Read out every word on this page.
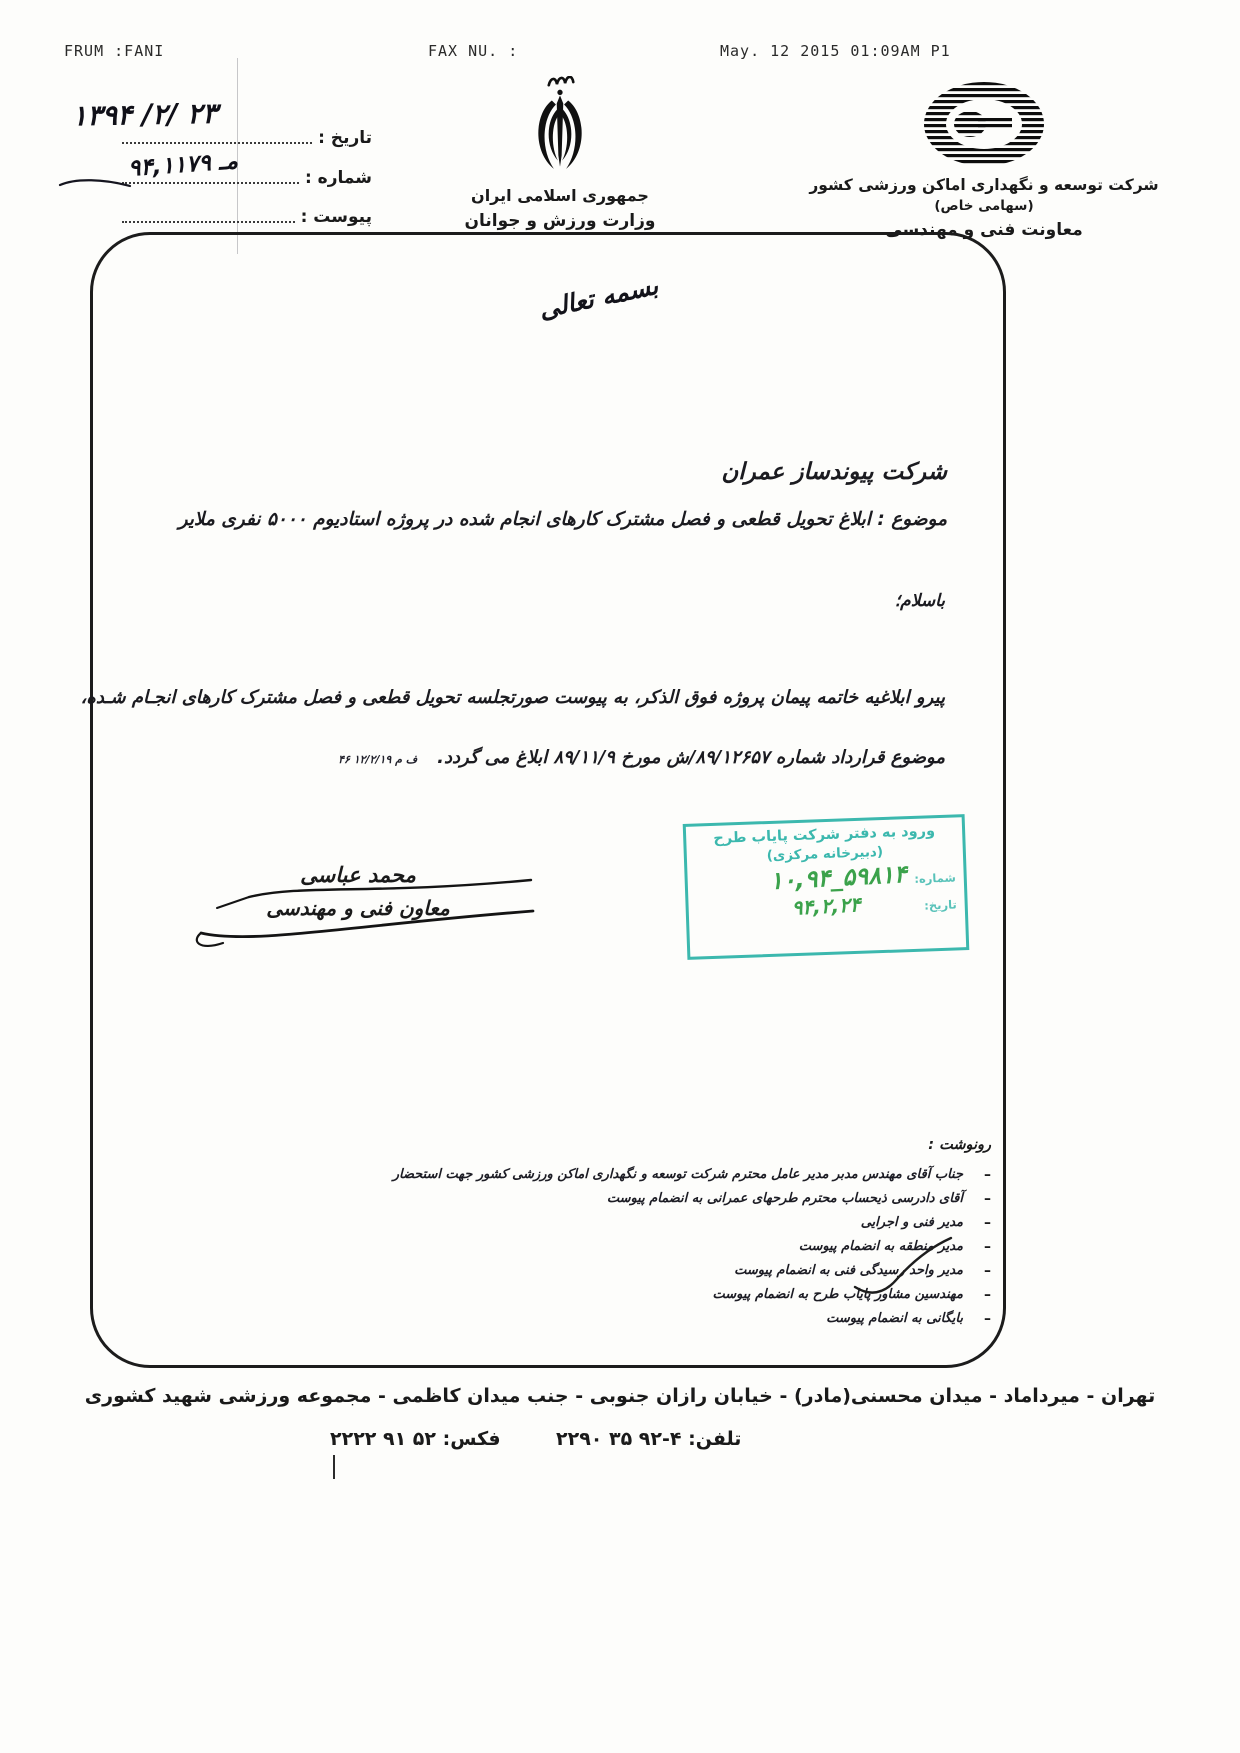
FRUM :FANI	FAX NU. :	May. 12 2015 01:09AM P1
تاریخ :
شماره :
پیوست :
۱۳۹۴ /۲/ ۲۳
مـ ۹۴,۱۱۷۹
جمهوری اسلامی ایران
وزارت ورزش و جوانان
شرکت توسعه و نگهداری اماکن ورزشی کشور
(سهامی خاص)
معاونت فنی و مهندسی
بسمه تعالی
شرکت پیوندساز عمران
موضوع : ابلاغ تحویل قطعی و فصل مشترک کارهای انجام شده در پروژه استادیوم ۵۰۰۰ نفری ملایر
باسلام؛
پیرو ابلاغیه خاتمه پیمان پروژه فوق الذکر، به پیوست صورتجلسه تحویل قطعی و فصل مشترک کارهای انجـام شـده،
موضوع قرارداد شماره ۸۹/۱۲۶۵۷/ش مورخ ۸۹/۱۱/۹ ابلاغ می گردد.
۴۶ ف م ۱۲/۲/۱۹
محمد عباسی
معاون فنی و مهندسی
ورود به دفتر شرکت پایاب طرح
(دبیرخانه مرکزی)
شماره:
۱۰,۹۴_۵۹۸۱۴
تاریخ:
۹۴,۲,۲۴
رونوشت :
–
جناب آقای مهندس مدبر مدیر عامل محترم شرکت توسعه و نگهداری اماکن ورزشی کشور جهت استحضار
–
آقای دادرسی ذیحساب محترم طرحهای عمرانی به انضمام پیوست
–
مدیر فنی و اجرایی
–
مدیر منطقه به انضمام پیوست
–
مدیر واحد رسیدگی فنی به انضمام پیوست
–
مهندسین مشاور پایاب طرح به انضمام پیوست
–
بایگانی به انضمام پیوست
تهران - میرداماد - میدان محسنی(مادر) - خیابان رازان جنوبی - جنب میدان کاظمی - مجموعه ورزشی شهید کشوری
تلفن: ۲۲۹۰ ۳۵ ۹۲-۴
فکس: ۲۲۲۲ ۹۱ ۵۲
